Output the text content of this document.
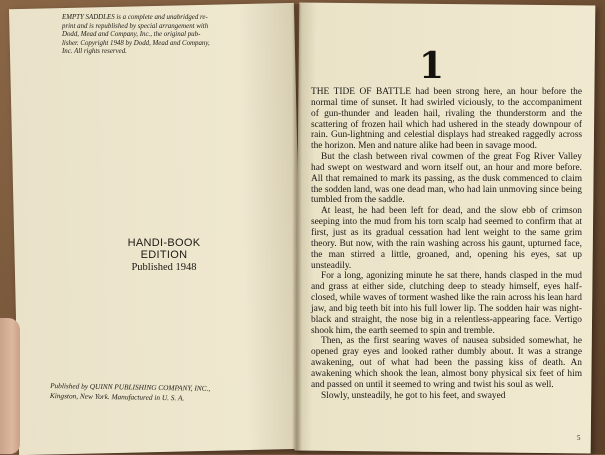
EMPTY SADDLES is a complete and unabridged re-
print and is republished by special arrangement with
Dodd, Mead and Company, Inc., the original pub-
lisher. Copyright 1948 by Dodd, Mead and Company,
Inc. All rights reserved.
HANDI-BOOK EDITION
Published 1948
Published by QUINN PUBLISHING COMPANY, INC.,
Kingston, New York. Manufactured in U. S. A.
1

THE TIDE OF BATTLE had been strong here, an hour before the normal time of sunset. It had swirled viciously, to the accompaniment of gun-thunder and leaden hail, rivaling the thunderstorm and the scattering of frozen hail which had ushered in the steady downpour of rain. Gun-lightning and celestial displays had streaked raggedly across the horizon. Men and nature alike had been in savage mood.

But the clash between rival cowmen of the great Fog River Valley had swept on westward and worn itself out, an hour and more before. All that remained to mark its passing, as the dusk commenced to claim the sodden land, was one dead man, who had lain unmoving since being tumbled from the saddle.

At least, he had been left for dead, and the slow ebb of crimson seeping into the mud from his torn scalp had seemed to confirm that at first, just as its gradual cessation had lent weight to the same grim theory. But now, with the rain washing across his gaunt, upturned face, the man stirred a little, groaned, and, opening his eyes, sat up unsteadily.

For a long, agonizing minute he sat there, hands clasped in the mud and grass at either side, clutching deep to steady himself, eyes half-closed, while waves of torment washed like the rain across his lean hard jaw, and big teeth bit into his full lower lip. The sodden hair was night-black and straight, the nose big in a relentless-appearing face. Vertigo shook him, the earth seemed to spin and tremble.

Then, as the first searing waves of nausea subsided somewhat, he opened gray eyes and looked rather dumbly about. It was a strange awakening, out of what had been the passing kiss of death. An awakening which shook the lean, almost bony physical six feet of him and passed on until it seemed to wring and twist his soul as well.

Slowly, unsteadily, he got to his feet, and swayed

5
